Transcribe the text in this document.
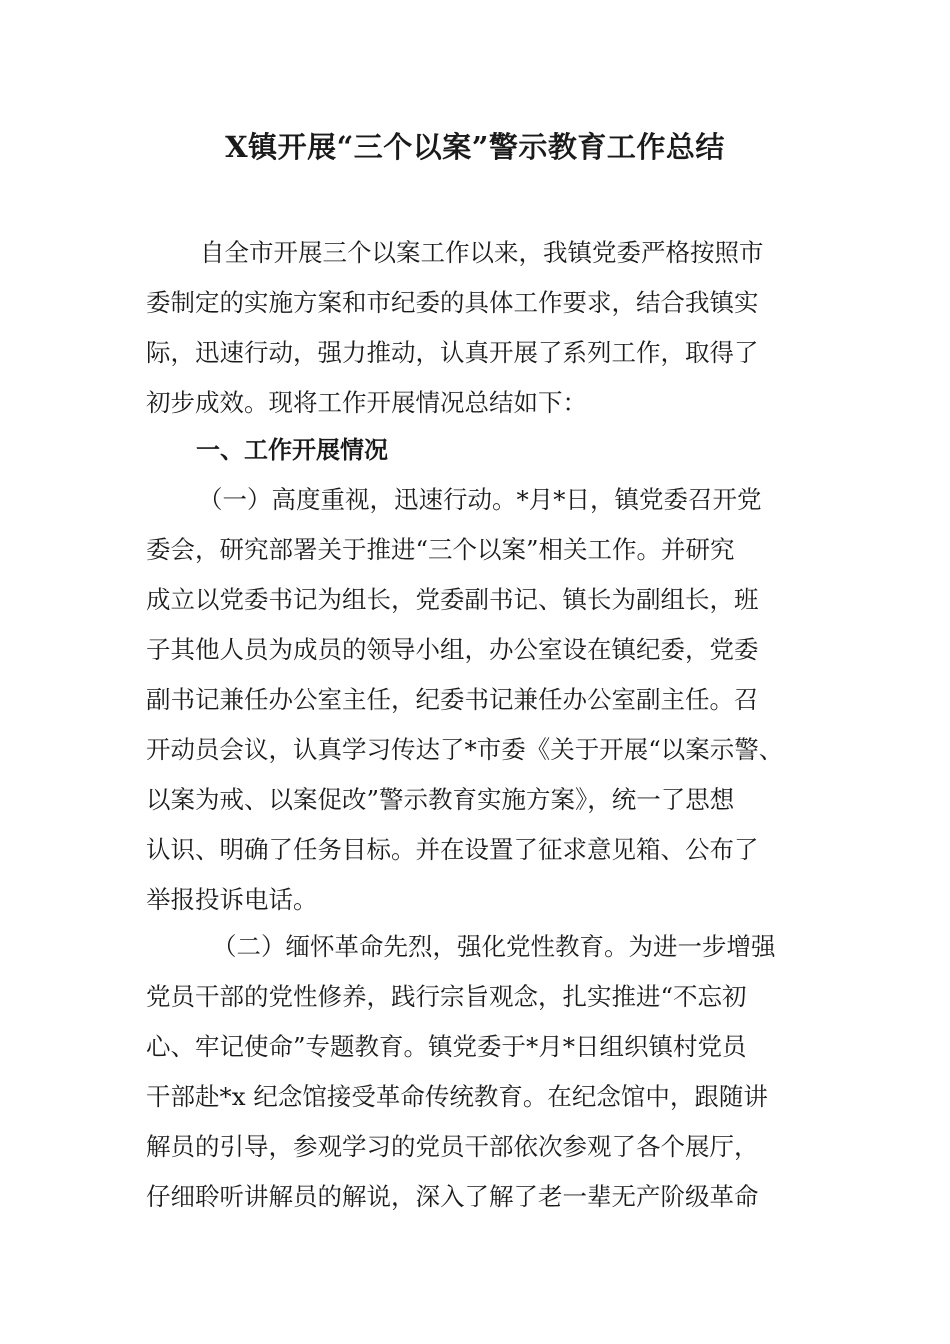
X镇开展“三个以案”警示教育工作总结
自全市开展三个以案工作以来，我镇党委严格按照市
委制定的实施方案和市纪委的具体工作要求，结合我镇实
际，迅速行动，强力推动，认真开展了系列工作，取得了
初步成效。现将工作开展情况总结如下：
一、工作开展情况
（一）高度重视，迅速行动。*月*日，镇党委召开党
委会，研究部署关于推进“三个以案”相关工作。并研究
成立以党委书记为组长，党委副书记、镇长为副组长，班
子其他人员为成员的领导小组，办公室设在镇纪委，党委
副书记兼任办公室主任，纪委书记兼任办公室副主任。召
开动员会议，认真学习传达了*市委《关于开展“以案示警、
以案为戒、以案促改”警示教育实施方案》，统一了思想
认识、明确了任务目标。并在设置了征求意见箱、公布了
举报投诉电话。
（二）缅怀革命先烈，强化党性教育。为进一步增强
党员干部的党性修养，践行宗旨观念，扎实推进“不忘初
心、牢记使命”专题教育。镇党委于*月*日组织镇村党员
干部赴*x 纪念馆接受革命传统教育。在纪念馆中，跟随讲
解员的引导，参观学习的党员干部依次参观了各个展厅，
仔细聆听讲解员的解说，深入了解了老一辈无产阶级革命
